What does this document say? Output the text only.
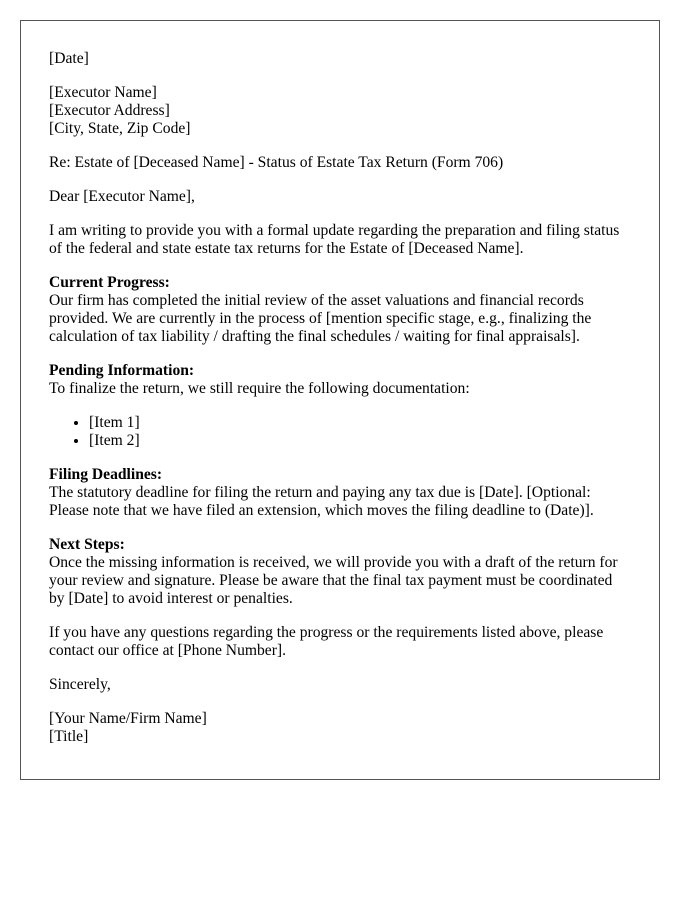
[Date]

[Executor Name]
[Executor Address]
[City, State, Zip Code]

Re: Estate of [Deceased Name] - Status of Estate Tax Return (Form 706)

Dear [Executor Name],

I am writing to provide you with a formal update regarding the preparation and filing status of the federal and state estate tax returns for the Estate of [Deceased Name].

Current Progress:
Our firm has completed the initial review of the asset valuations and financial records provided. We are currently in the process of [mention specific stage, e.g., finalizing the calculation of tax liability / drafting the final schedules / waiting for final appraisals].
Pending Information:
To finalize the return, we still require the following documentation:
• [Item 1]
• [Item 2]
Filing Deadlines:
The statutory deadline for filing the return and paying any tax due is [Date]. [Optional: Please note that we have filed an extension, which moves the filing deadline to (Date)].
Next Steps:
Once the missing information is received, we will provide you with a draft of the return for your review and signature. Please be aware that the final tax payment must be coordinated by [Date] to avoid interest or penalties.

If you have any questions regarding the progress or the requirements listed above, please contact our office at [Phone Number].

Sincerely,

[Your Name/Firm Name]
[Title]
